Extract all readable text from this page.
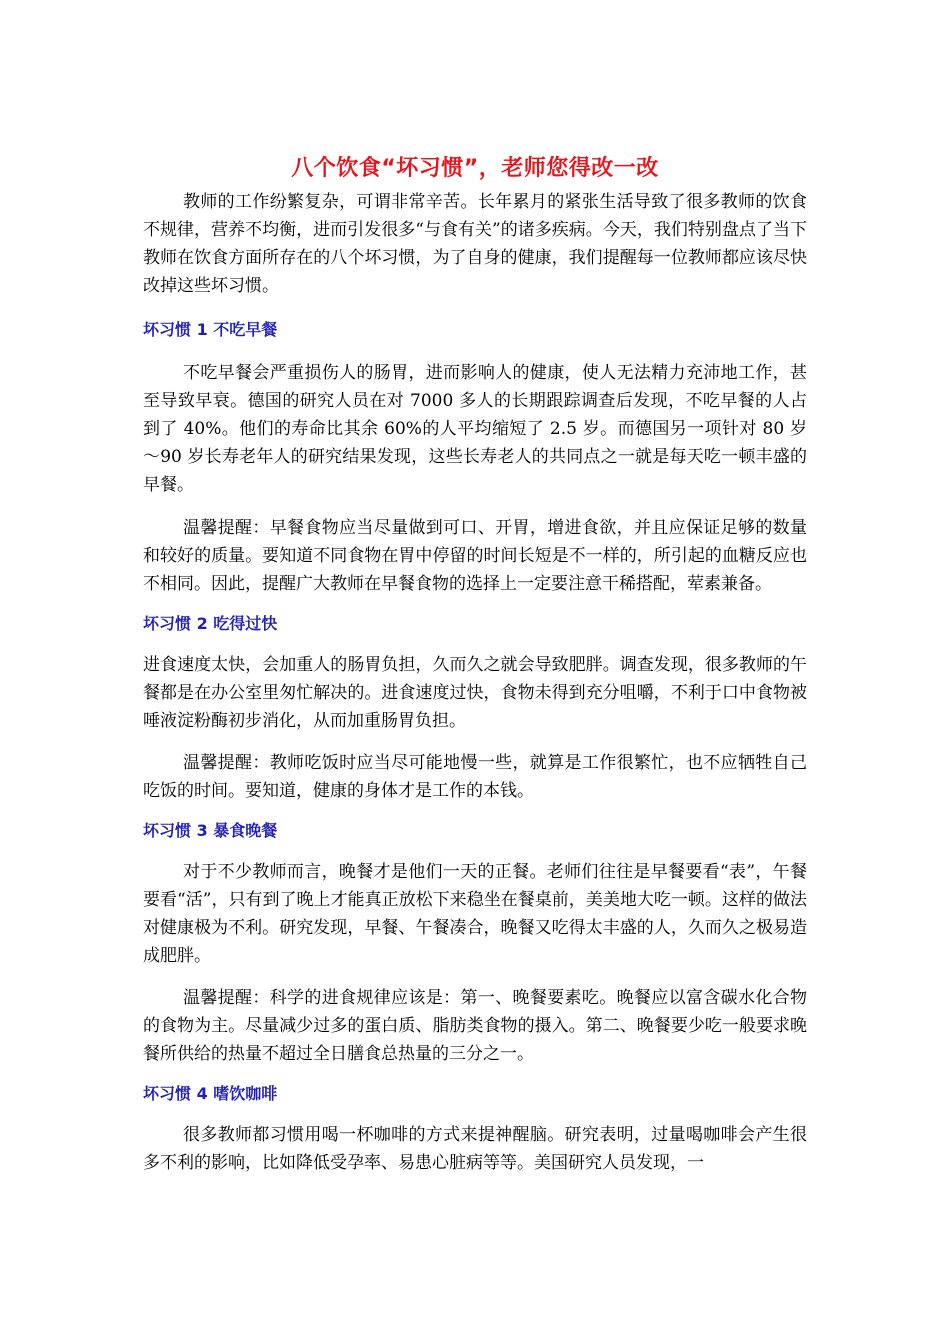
八个饮食“坏习惯”，老师您得改一改

教师的工作纷繁复杂，可谓非常辛苦。长年累月的紧张生活导致了很多教师的饮食不规律，营养不均衡，进而引发很多“与食有关”的诸多疾病。今天，我们特别盘点了当下教师在饮食方面所存在的八个坏习惯，为了自身的健康，我们提醒每一位教师都应该尽快改掉这些坏习惯。

坏习惯 1 不吃早餐

不吃早餐会严重损伤人的肠胃，进而影响人的健康，使人无法精力充沛地工作，甚至导致早衰。德国的研究人员在对 7000 多人的长期跟踪调查后发现，不吃早餐的人占到了 40%。他们的寿命比其余 60%的人平均缩短了 2.5 岁。而德国另一项针对 80 岁～90 岁长寿老年人的研究结果发现，这些长寿老人的共同点之一就是每天吃一顿丰盛的早餐。

温馨提醒：早餐食物应当尽量做到可口、开胃，增进食欲，并且应保证足够的数量和较好的质量。要知道不同食物在胃中停留的时间长短是不一样的，所引起的血糖反应也不相同。因此，提醒广大教师在早餐食物的选择上一定要注意干稀搭配，荤素兼备。

坏习惯 2 吃得过快

进食速度太快，会加重人的肠胃负担，久而久之就会导致肥胖。调查发现，很多教师的午餐都是在办公室里匆忙解决的。进食速度过快，食物未得到充分咀嚼，不利于口中食物被唾液淀粉酶初步消化，从而加重肠胃负担。

温馨提醒：教师吃饭时应当尽可能地慢一些，就算是工作很繁忙，也不应牺牲自己吃饭的时间。要知道，健康的身体才是工作的本钱。

坏习惯 3 暴食晚餐

对于不少教师而言，晚餐才是他们一天的正餐。老师们往往是早餐要看“表”，午餐要看“活”，只有到了晚上才能真正放松下来稳坐在餐桌前，美美地大吃一顿。这样的做法对健康极为不利。研究发现，早餐、午餐凑合，晚餐又吃得太丰盛的人，久而久之极易造成肥胖。

温馨提醒：科学的进食规律应该是：第一、晚餐要素吃。晚餐应以富含碳水化合物的食物为主。尽量减少过多的蛋白质、脂肪类食物的摄入。第二、晚餐要少吃一般要求晚餐所供给的热量不超过全日膳食总热量的三分之一。

坏习惯 4 嗜饮咖啡

很多教师都习惯用喝一杯咖啡的方式来提神醒脑。研究表明，过量喝咖啡会产生很多不利的影响，比如降低受孕率、易患心脏病等等。美国研究人员发现，一
